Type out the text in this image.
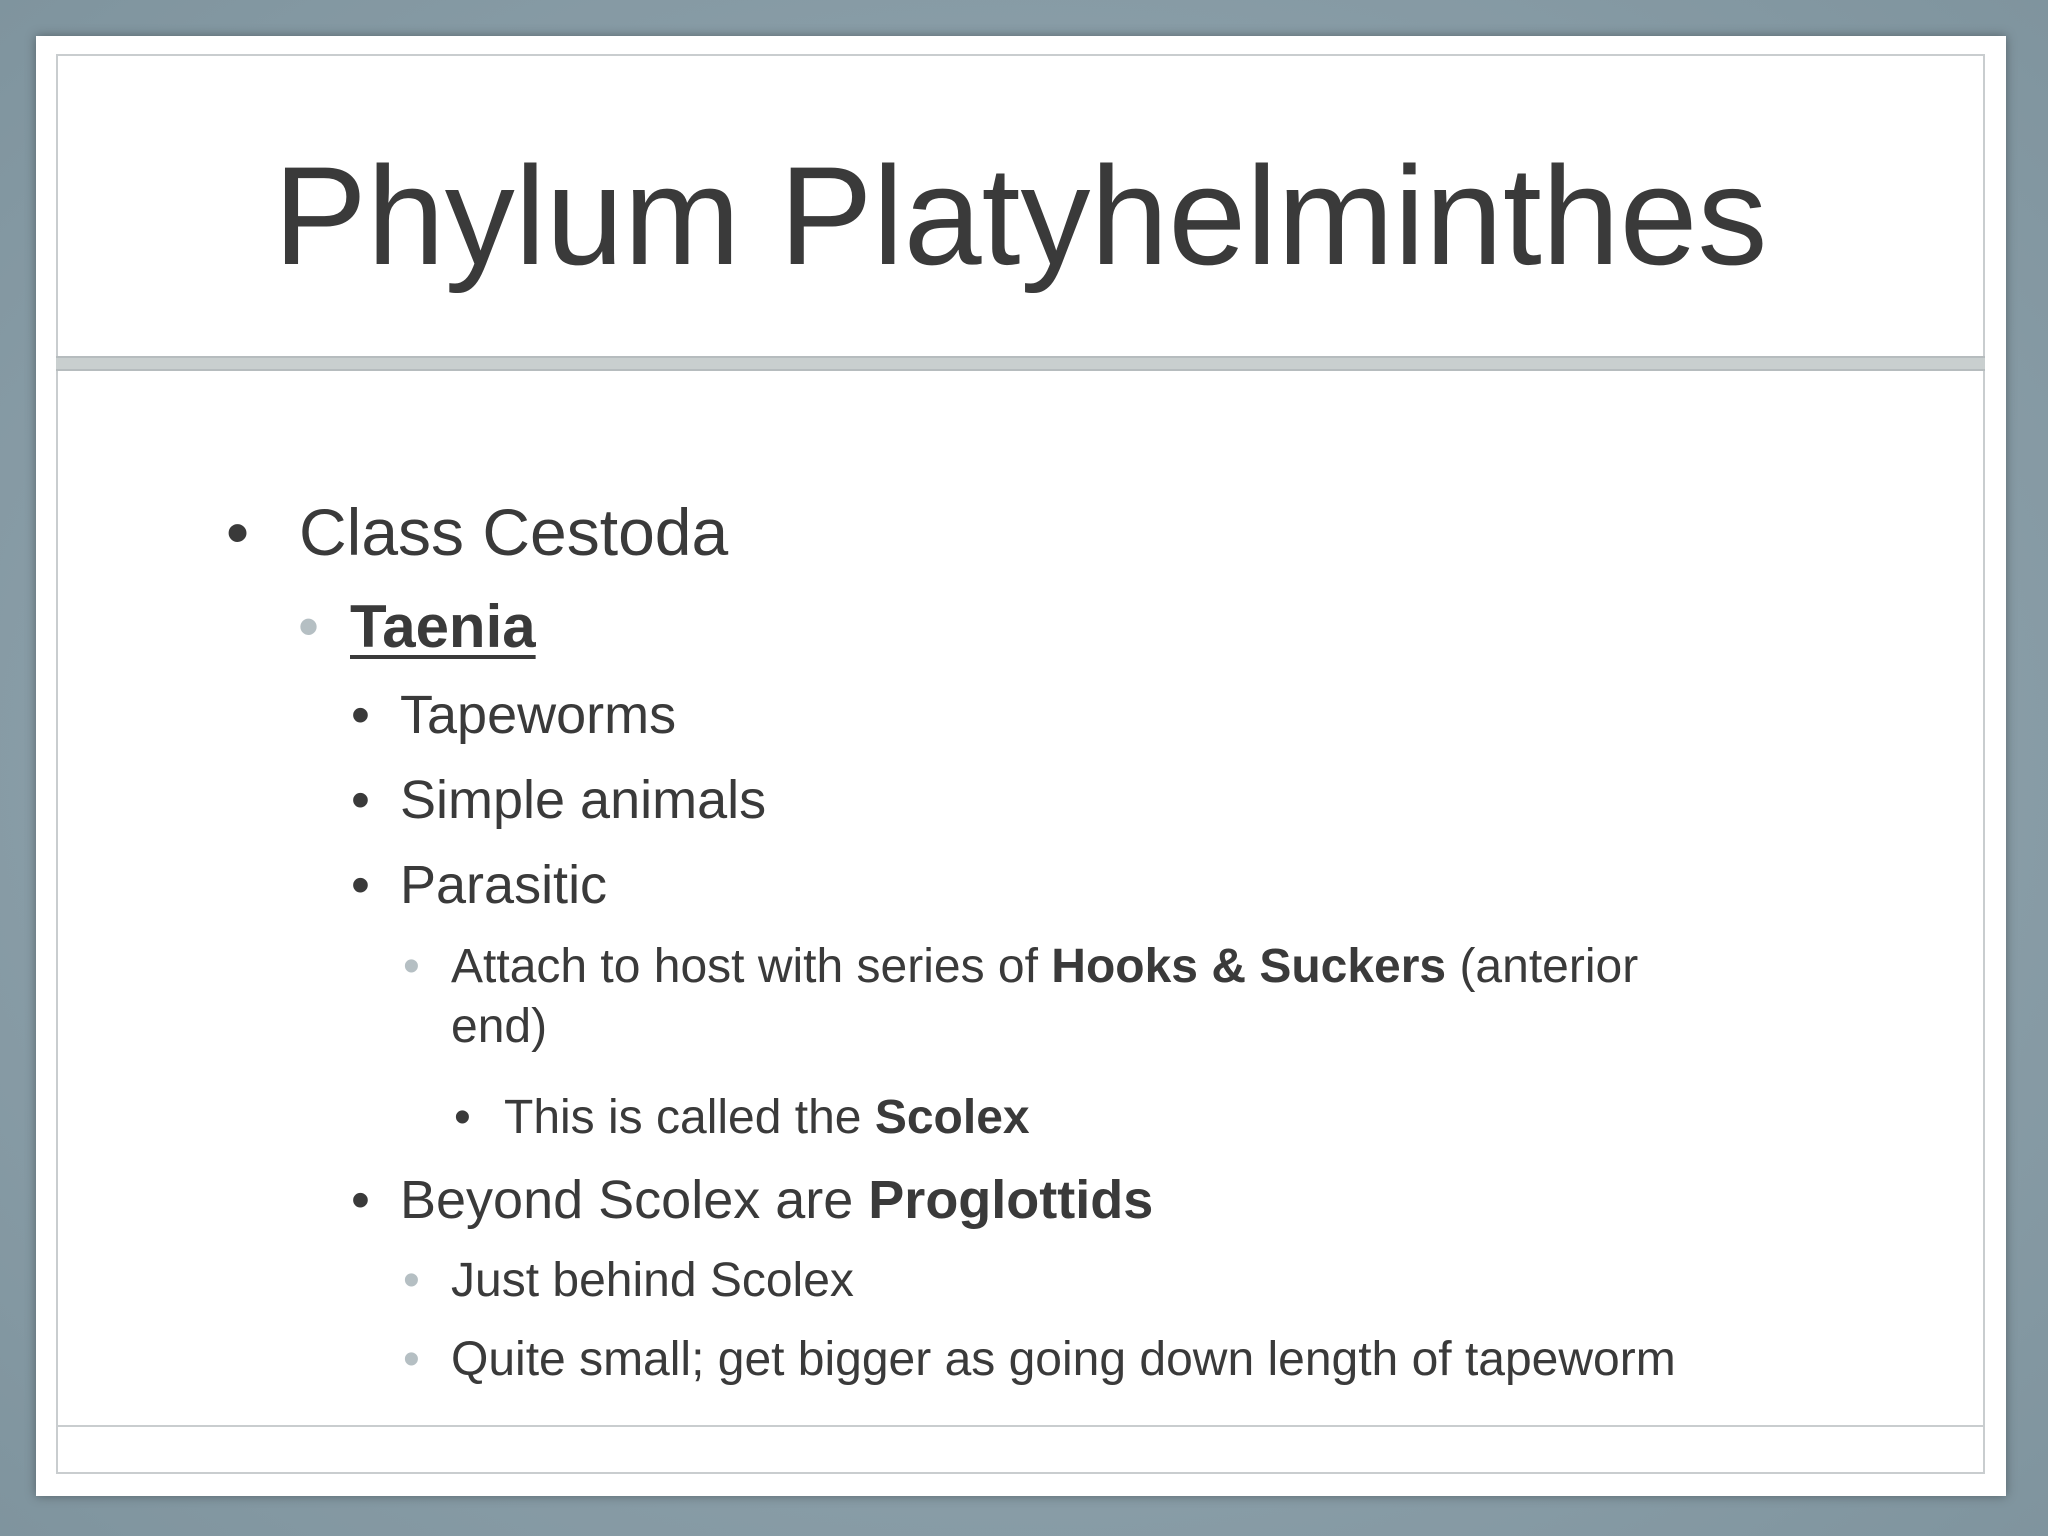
Phylum Platyhelminthes
• Class Cestoda
• Taenia
• Tapeworms
• Simple animals
• Parasitic
• Attach to host with series of Hooks & Suckers (anterior
end)
• This is called the Scolex
• Beyond Scolex are Proglottids
• Just behind Scolex
• Quite small; get bigger as going down length of tapeworm
